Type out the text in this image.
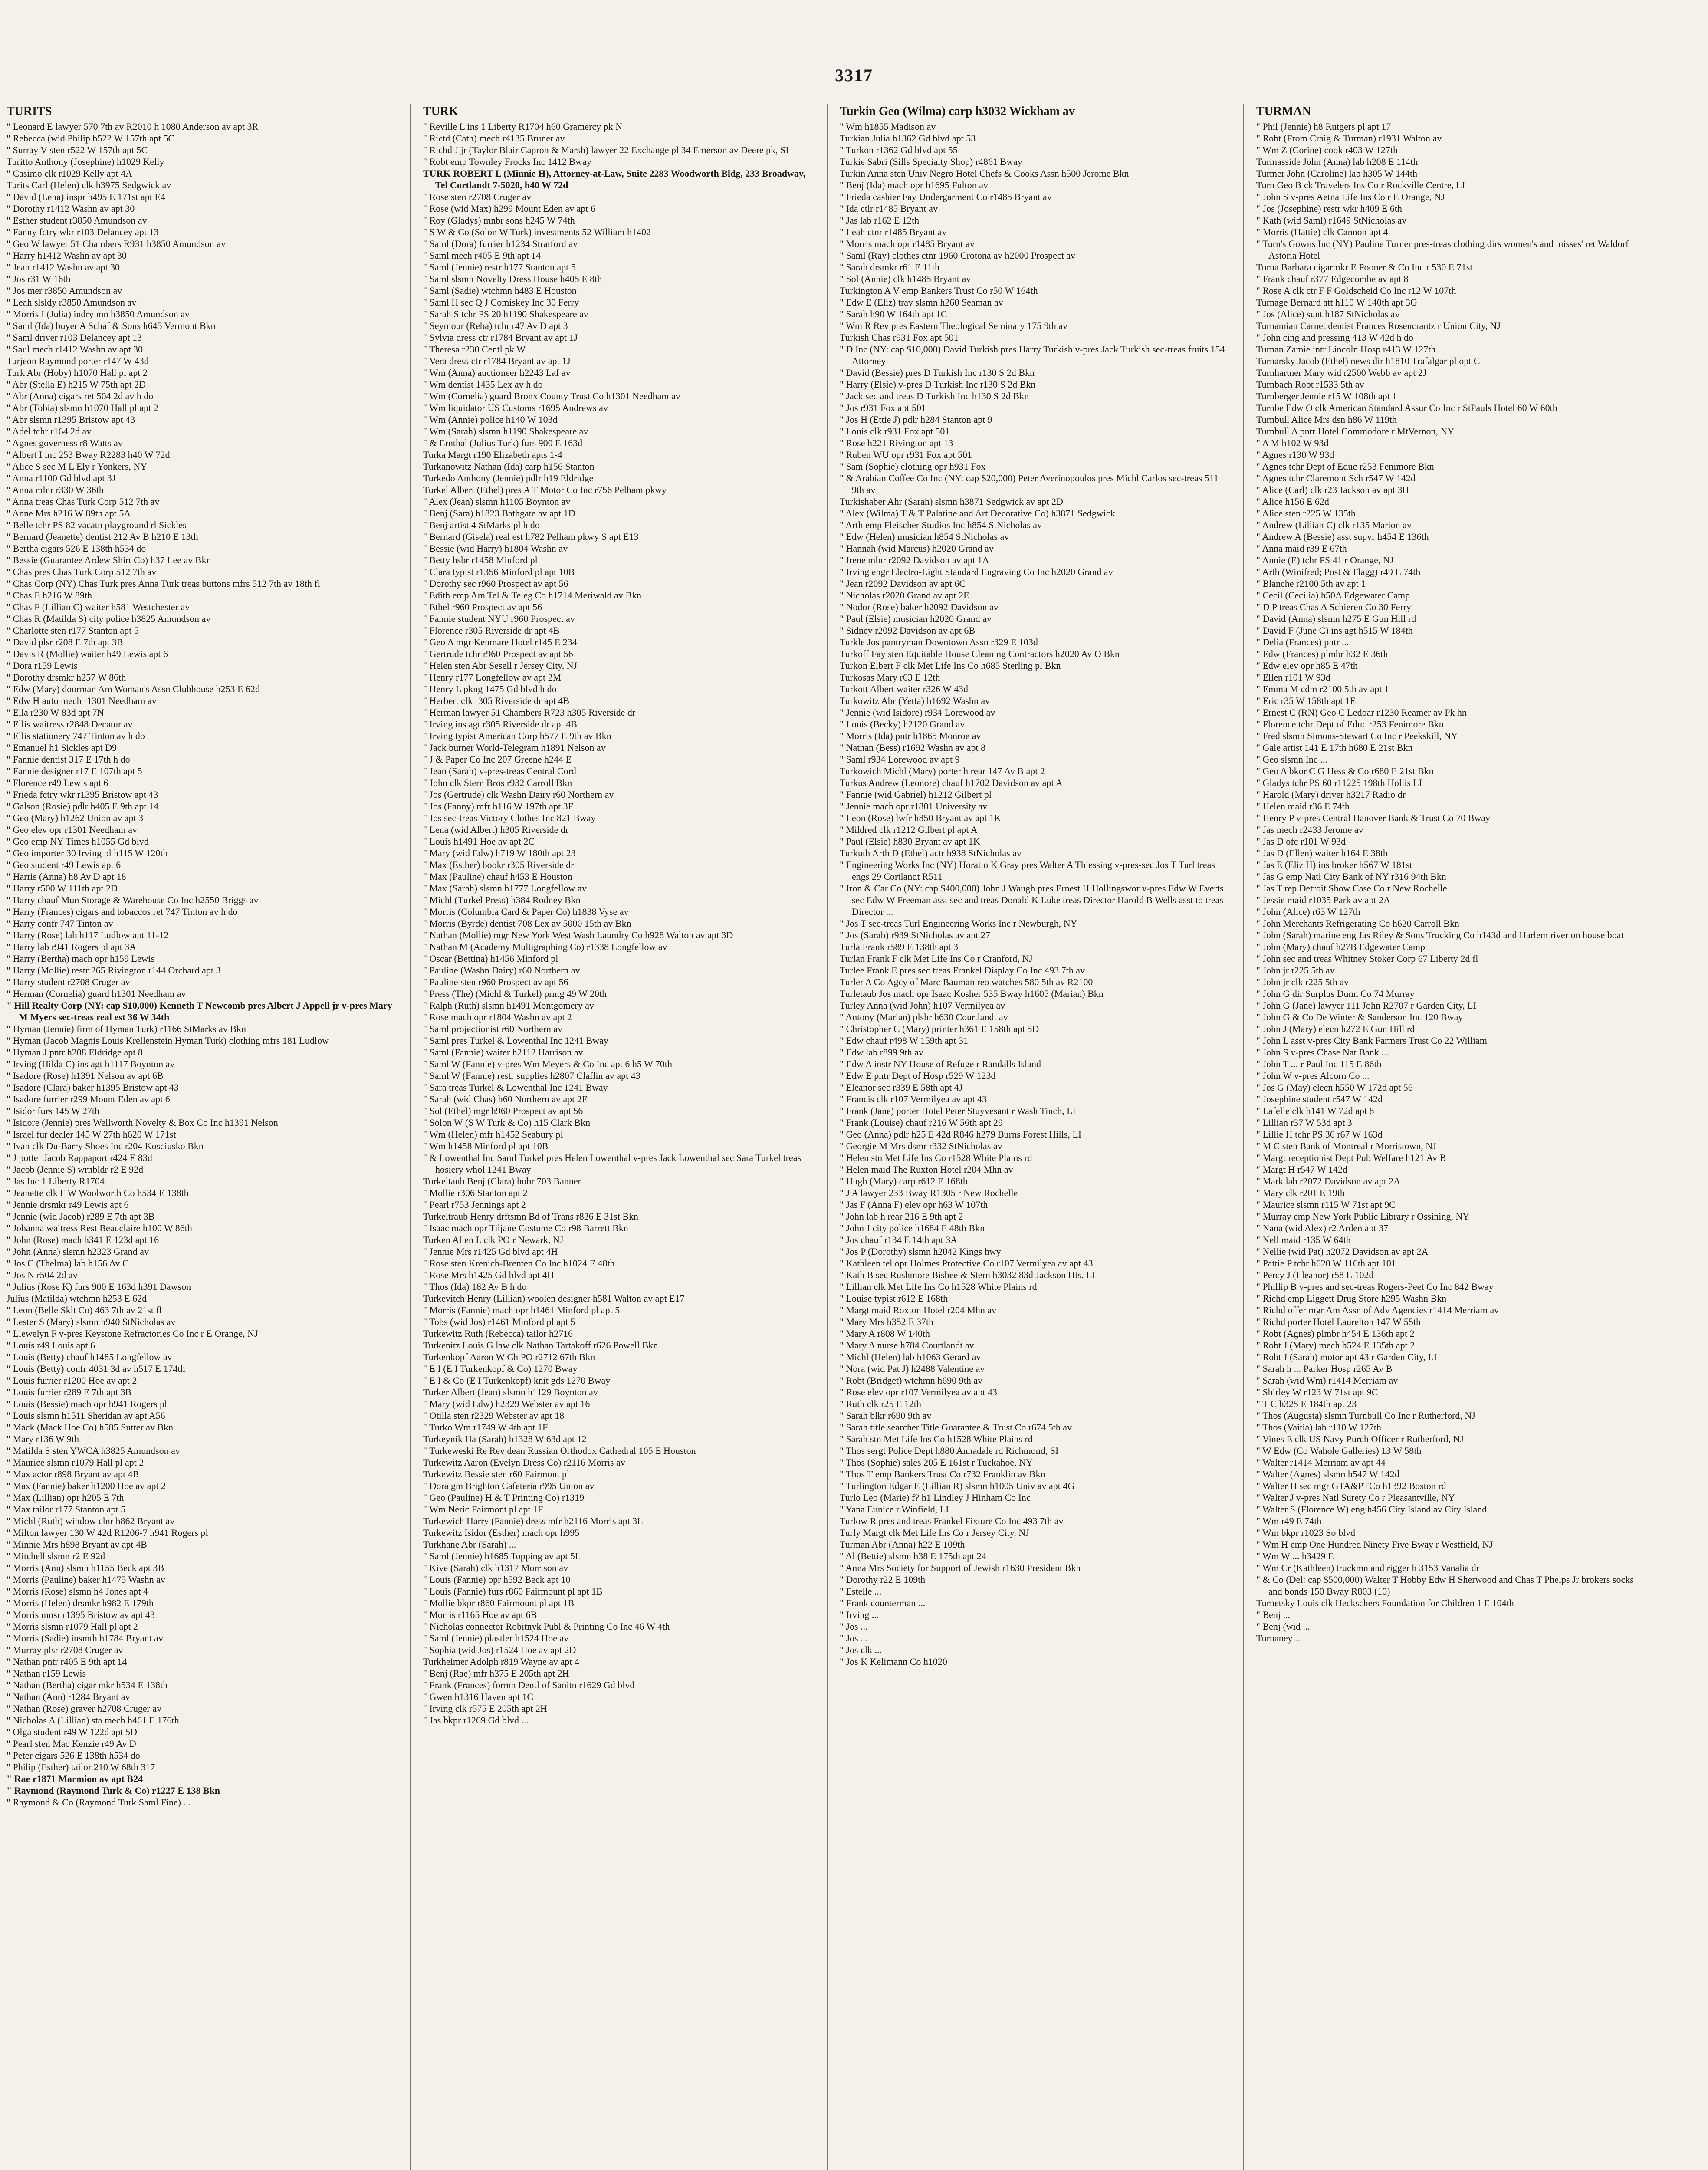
3317
TURITS
" Leonard E lawyer 570 7th av R2010 h 1080 Anderson av apt 3R
" Rebecca (wid Philip b522 W 157th apt 5C
" Surray V sten r522 W 157th apt 5C
Turitto Anthony (Josephine) h1029 Kelly
" Casimo clk r1029 Kelly apt 4A
Turits Carl (Helen) clk h3975 Sedgwick av
" David (Lena) inspr h495 E 171st apt E4
" Dorothy r1412 Washn av apt 30
" Esther student r3850 Amundson av
" Fanny fctry wkr r103 Delancey apt 13
" Geo W lawyer 51 Chambers R931 h3850 Amundson av
" Harry h1412 Washn av apt 30
" Jean r1412 Washn av apt 30
" Jos r31 W 16th
" Jos mer r3850 Amundson av
" Leah slsldy r3850 Amundson av
" Morris I (Julia) indry mn h3850 Amundson av
" Saml (Ida) buyer A Schaf & Sons h645 Vermont Bkn
" Saml driver r103 Delancey apt 13
" Saul mech r1412 Washn av apt 30
Turjeon Raymond porter r147 W 43d
Turk Abr (Hoby) h1070 Hall pl apt 2
" Abr (Stella E) h215 W 75th apt 2D
" Abr (Anna) cigars ret 504 2d av h do
" Abr (Tobia) slsmn h1070 Hall pl apt 2
" Abr slsmn r1395 Bristow apt 43
" Adel tchr r164 2d av
" Agnes governess r8 Watts av
" Albert I inc 253 Bway R2283 h40 W 72d
" Alice S sec M L Ely r Yonkers, NY
" Anna r1100 Gd blvd apt 3J
" Anna mlnr r330 W 36th
" Anna treas Chas Turk Corp 512 7th av
" Anne Mrs h216 W 89th apt 5A
" Belle tchr PS 82 vacatn playground rl Sickles
" Bernard (Jeanette) dentist 212 Av B h210 E 13th
" Bertha cigars 526 E 138th h534 do
" Bessie (Guarantee Ardew Shirt Co) h37 Lee av Bkn
" Chas pres Chas Turk Corp 512 7th av
" Chas Corp (NY) Chas Turk pres Anna Turk treas buttons mfrs 512 7th av 18th fl
" Chas E h216 W 89th
" Chas F (Lillian C) waiter h581 Westchester av
" Chas R (Matilda S) city police h3825 Amundson av
" Charlotte sten r177 Stanton apt 5
" David plsr r208 E 7th apt 3B
" Davis R (Mollie) waiter h49 Lewis apt 6
" Dora r159 Lewis
" Dorothy drsmkr h257 W 86th
" Edw (Mary) doorman Am Woman's Assn Clubhouse h253 E 62d
" Edw H auto mech r1301 Needham av
" Ella r230 W 83d apt 7N
" Ellis waitress r2848 Decatur av
" Ellis stationery 747 Tinton av h do
" Emanuel h1 Sickles apt D9
" Fannie dentist 317 E 17th h do
" Fannie designer r17 E 107th apt 5
" Florence r49 Lewis apt 6
" Frieda fctry wkr r1395 Bristow apt 43
" Galson (Rosie) pdlr h405 E 9th apt 14
" Geo (Mary) h1262 Union av apt 3
" Geo elev opr r1301 Needham av
" Geo emp NY Times h1055 Gd blvd
" Geo importer 30 Irving pl h115 W 120th
" Geo student r49 Lewis apt 6
" Harris (Anna) h8 Av D apt 18
" Harry r500 W 111th apt 2D
" Harry chauf Mun Storage & Warehouse Co Inc h2550 Briggs av
" Harry (Frances) cigars and tobaccos ret 747 Tinton av h do
" Harry confr 747 Tinton av
" Harry (Rose) lab h117 Ludlow apt 11-12
" Harry lab r941 Rogers pl apt 3A
" Harry (Bertha) mach opr h159 Lewis
" Harry (Mollie) restr 265 Rivington r144 Orchard apt 3
" Harry student r2708 Cruger av
" Herman (Cornelia) guard h1301 Needham av
" Hill Realty Corp (NY: cap $10,000) Kenneth T Newcomb pres Albert J Appell jr v-pres Mary M Myers sec-treas real est 36 W 34th
" Hyman (Jennie) firm of Hyman Turk) r1166 StMarks av Bkn
" Hyman (Jacob Magnis Louis Krellenstein Hyman Turk) clothing mfrs 181 Ludlow
" Hyman J pntr h208 Eldridge apt 8
" Irving (Hilda C) ins agt h1117 Boynton av
" Isadore (Rose) h1391 Nelson av apt 6B
" Isadore (Clara) baker h1395 Bristow apt 43
" Isadore furrier r299 Mount Eden av apt 6
" Isidor furs 145 W 27th
" Isidore (Jennie) pres Wellworth Novelty & Box Co Inc h1391 Nelson
" Israel fur dealer 145 W 27th h620 W 171st
" Ivan clk Du-Barry Shoes Inc r204 Kosciusko Bkn
" J potter Jacob Rappaport r424 E 83d
" Jacob (Jennie S) wrnbldr r2 E 92d
" Jas Inc 1 Liberty R1704
" Jeanette clk F W Woolworth Co h534 E 138th
" Jennie drsmkr r49 Lewis apt 6
" Jennie (wid Jacob) r289 E 7th apt 3B
" Johanna waitress Rest Beauclaire h100 W 86th
" John (Rose) mach h341 E 123d apt 16
" John (Anna) slsmn h2323 Grand av
" Jos C (Thelma) lab h156 Av C
" Jos N r504 2d av
" Julius (Rose K) furs 900 E 163d h391 Dawson
Julius (Matilda) wtchmn h253 E 62d
" Leon (Belle Sklt Co) 463 7th av 21st fl
" Lester S (Mary) slsmn h940 StNicholas av
" Llewelyn F v-pres Keystone Refractories Co Inc r E Orange, NJ
" Louis r49 Louis apt 6
" Louis (Betty) chauf h1485 Longfellow av
" Louis (Betty) confr 4031 3d av h517 E 174th
" Louis furrier r1200 Hoe av apt 2
" Louis furrier r289 E 7th apt 3B
" Louis (Bessie) mach opr h941 Rogers pl
" Louis slsmn h1511 Sheridan av apt A56
" Mack (Mack Hoe Co) h585 Sutter av Bkn
" Mary r136 W 9th
" Matilda S sten YWCA h3825 Amundson av
" Maurice slsmn r1079 Hall pl apt 2
" Max actor r898 Bryant av apt 4B
" Max (Fannie) baker h1200 Hoe av apt 2
" Max (Lillian) opr h205 E 7th
" Max tailor r177 Stanton apt 5
" Michl (Ruth) window clnr h862 Bryant av
" Milton lawyer 130 W 42d R1206-7 h941 Rogers pl
" Minnie Mrs h898 Bryant av apt 4B
" Mitchell slsmn r2 E 92d
" Morris (Ann) slsmn h1155 Beck apt 3B
" Morris (Pauline) baker h1475 Washn av
" Morris (Rose) slsmn h4 Jones apt 4
" Morris (Helen) drsmkr h982 E 179th
" Morris mnsr r1395 Bristow av apt 43
" Morris slsmn r1079 Hall pl apt 2
" Morris (Sadie) insmth h1784 Bryant av
" Murray plsr r2708 Cruger av
" Nathan pntr r405 E 9th apt 14
" Nathan r159 Lewis
" Nathan (Bertha) cigar mkr h534 E 138th
" Nathan (Ann) r1284 Bryant av
" Nathan (Rose) graver h2708 Cruger av
" Nicholas A (Lillian) sta mech h461 E 176th
" Olga student r49 W 122d apt 5D
" Pearl sten Mac Kenzie r49 Av D
" Peter cigars 526 E 138th h534 do
" Philip (Esther) tailor 210 W 68th 317
" Rae r1871 Marmion av apt B24
" Raymond (Raymond Turk & Co) r1227 E 138 Bkn
" Raymond & Co (Raymond Turk Saml Fine) ...
TURK
" Reville L ins 1 Liberty R1704 h60 Gramercy pk N
" Rictd (Cath) mech r4135 Bruner av
" Richd J jr (Taylor Blair Capron & Marsh) lawyer 22 Exchange pl 34 Emerson av Deere pk, SI
" Robt emp Townley Frocks Inc 1412 Bway
TURK ROBERT L (Minnie H), Attorney-at-Law, Suite 2283 Woodworth Bldg, 233 Broadway, Tel Cortlandt 7-5020, h40 W 72d
" Rose sten r2708 Cruger av
" Rose (wid Max) h299 Mount Eden av apt 6
" Roy (Gladys) mnbr sons h245 W 74th
" S W & Co (Solon W Turk) investments 52 William h1402
" Saml (Dora) furrier h1234 Stratford av
" Saml mech r405 E 9th apt 14
" Saml (Jennie) restr h177 Stanton apt 5
" Saml slsmn Novelty Dress House h405 E 8th
" Saml (Sadie) wtchmn h483 E Houston
" Saml H sec Q J Comiskey Inc 30 Ferry
" Sarah S tchr PS 20 h1190 Shakespeare av
" Seymour (Reba) tchr r47 Av D apt 3
" Sylvia dress ctr r1784 Bryant av apt 1J
" Theresa r230 Centl pk W
" Vera dress ctr r1784 Bryant av apt 1J
" Wm (Anna) auctioneer h2243 Laf av
" Wm dentist 1435 Lex av h do
" Wm (Cornelia) guard Bronx County Trust Co h1301 Needham av
" Wm liquidator US Customs r1695 Andrews av
" Wm (Annie) police h140 W 103d
" Wm (Sarah) slsmn h1190 Shakespeare av
" & Ernthal (Julius Turk) furs 900 E 163d
Turka Margt r190 Elizabeth apts 1-4
Turkanowitz Nathan (Ida) carp h156 Stanton
Turkedo Anthony (Jennie) pdlr h19 Eldridge
Turkel Albert (Ethel) pres A T Motor Co Inc r756 Pelham pkwy
" Alex (Jean) slsmn h1105 Boynton av
" Benj (Sara) h1823 Bathgate av apt 1D
" Benj artist 4 StMarks pl h do
" Bernard (Gisela) real est h782 Pelham pkwy S apt E13
" Bessie (wid Harry) h1804 Washn av
" Betty hsbr r1458 Minford pl
" Clara typist r1356 Minford pl apt 10B
" Dorothy sec r960 Prospect av apt 56
" Edith emp Am Tel & Teleg Co h1714 Meriwald av Bkn
" Ethel r960 Prospect av apt 56
" Fannie student NYU r960 Prospect av
" Florence r305 Riverside dr apt 4B
" Geo A mgr Kenmare Hotel r145 E 234
" Gertrude tchr r960 Prospect av apt 56
" Helen sten Abr Sesell r Jersey City, NJ
" Henry r177 Longfellow av apt 2M
" Henry L pkng 1475 Gd blvd h do
" Herbert clk r305 Riverside dr apt 4B
" Herman lawyer 51 Chambers R723 h305 Riverside dr
" Irving ins agt r305 Riverside dr apt 4B
" Irving typist American Corp h577 E 9th av Bkn
" Jack burner World-Telegram h1891 Nelson av
" J & Paper Co Inc 207 Greene h244 E
" Jean (Sarah) v-pres-treas Central Cord
" John clk Stern Bros r932 Carroll Bkn
" Jos (Gertrude) clk Washn Dairy r60 Northern av
" Jos (Fanny) mfr h116 W 197th apt 3F
" Jos sec-treas Victory Clothes Inc 821 Bway
" Lena (wid Albert) h305 Riverside dr
" Louis h1491 Hoe av apt 2C
" Mary (wid Edw) h719 W 180th apt 23
" Max (Esther) bookr r305 Riverside dr
" Max (Pauline) chauf h453 E Houston
" Max (Sarah) slsmn h1777 Longfellow av
" Michl (Turkel Press) h384 Rodney Bkn
" Morris (Columbia Card & Paper Co) h1838 Vyse av
" Morris (Byrde) dentist 708 Lex av 5000 15th av Bkn
" Nathan (Mollie) mgr New York West Wash Laundry Co h928 Walton av apt 3D
" Nathan M (Academy Multigraphing Co) r1338 Longfellow av
" Oscar (Bettina) h1456 Minford pl
" Pauline (Washn Dairy) r60 Northern av
" Pauline sten r960 Prospect av apt 56
" Press (The) (Michl & Turkel) prntg 49 W 20th
" Ralph (Ruth) slsmn h1491 Montgomery av
" Rose mach opr r1804 Washn av apt 2
" Saml projectionist r60 Northern av
" Saml pres Turkel & Lowenthal Inc 1241 Bway
" Saml (Fannie) waiter h2112 Harrison av
" Saml W (Fannie) v-pres Wm Meyers & Co Inc apt 6 h5 W 70th
" Saml W (Fannie) restr supplies h2807 Claflin av apt 43
" Sara treas Turkel & Lowenthal Inc 1241 Bway
" Sarah (wid Chas) h60 Northern av apt 2E
" Sol (Ethel) mgr h960 Prospect av apt 56
" Solon W (S W Turk & Co) h15 Clark Bkn
" Wm (Helen) mfr h1452 Seabury pl
" Wm h1458 Minford pl apt 10B
" & Lowenthal Inc Saml Turkel pres Helen Lowenthal v-pres Jack Lowenthal sec Sara Turkel treas hosiery whol 1241 Bway
Turkeltaub Benj (Clara) hobr 703 Banner
" Mollie r306 Stanton apt 2
" Pearl r753 Jennings apt 2
Turkeltraub Henry drftsmn Bd of Trans r826 E 31st Bkn
" Isaac mach opr Tiljane Costume Co r98 Barrett Bkn
Turken Allen L clk PO r Newark, NJ
" Jennie Mrs r1425 Gd blvd apt 4H
" Rose sten Krenich-Brenten Co Inc h1024 E 48th
" Rose Mrs h1425 Gd blvd apt 4H
" Thos (Ida) 182 Av B h do
Turkevitch Henry (Lillian) woolen designer h581 Walton av apt E17
" Morris (Fannie) mach opr h1461 Minford pl apt 5
" Tobs (wid Jos) r1461 Minford pl apt 5
Turkewitz Ruth (Rebecca) tailor h2716
Turkenitz Louis G law clk Nathan Tartakoff r626 Powell Bkn
Turkenkopf Aaron W Ch PO r2712 67th Bkn
" E I (E I Turkenkopf & Co) 1270 Bway
" E I & Co (E I Turkenkopf) knit gds 1270 Bway
Turker Albert (Jean) slsmn h1129 Boynton av
" Mary (wid Edw) h2329 Webster av apt 16
" Otilla sten r2329 Webster av apt 18
" Turko Wm r1749 W 4th apt 1F
Turkeynik Ha (Sarah) h1328 W 63d apt 12
" Turkeweski Re Rev dean Russian Orthodox Cathedral 105 E Houston
Turkewitz Aaron (Evelyn Dress Co) r2116 Morris av
Turkewitz Bessie sten r60 Fairmont pl
" Dora gm Brighton Cafeteria r995 Union av
" Geo (Pauline) H & T Printing Co) r1319
" Wm Neric Fairmont pl apt 1F
Turkewich Harry (Fannie) dress mfr h2116 Morris apt 3L
Turkewitz Isidor (Esther) mach opr h995
Turkhane Abr (Sarah) ...
" Saml (Jennie) h1685 Topping av apt 5L
" Kive (Sarah) clk h1317 Morrison av
" Louis (Fannie) opr h592 Beck apt 10
" Louis (Fannie) furs r860 Fairmount pl apt 1B
" Mollie bkpr r860 Fairmount pl apt 1B
" Morris r1165 Hoe av apt 6B
" Nicholas connector Robitnyk Publ & Printing Co Inc 46 W 4th
" Saml (Jennie) plastler h1524 Hoe av
" Sophia (wid Jos) r1524 Hoe av apt 2D
Turkheimer Adolph r819 Wayne av apt 4
" Benj (Rae) mfr h375 E 205th apt 2H
" Frank (Frances) formn Dentl of Sanitn r1629 Gd blvd
" Gwen h1316 Haven apt 1C
" Irving clk r575 E 205th apt 2H
" Jas bkpr r1269 Gd blvd ...
Turkin Geo (Wilma) carp h3032 Wickham av
" Wm h1855 Madison av
Turkian Julia h1362 Gd blvd apt 53
" Turkon r1362 Gd blvd apt 55
Turkie Sabri (Sills Specialty Shop) r4861 Bway
Turkin Anna sten Univ Negro Hotel Chefs & Cooks Assn h500 Jerome Bkn
" Benj (Ida) mach opr h1695 Fulton av
" Frieda cashier Fay Undergarment Co r1485 Bryant av
" Ida ctlr r1485 Bryant av
" Jas lab r162 E 12th
" Leah ctnr r1485 Bryant av
" Morris mach opr r1485 Bryant av
" Saml (Ray) clothes ctnr 1960 Crotona av h2000 Prospect av
" Sarah drsmkr r61 E 11th
" Sol (Annie) clk h1485 Bryant av
Turkington A V emp Bankers Trust Co r50 W 164th
" Edw E (Eliz) trav slsmn h260 Seaman av
" Sarah h90 W 164th apt 1C
" Wm R Rev pres Eastern Theological Seminary 175 9th av
Turkish Chas r931 Fox apt 501
" D Inc (NY: cap $10,000) David Turkish pres Harry Turkish v-pres Jack Turkish sec-treas fruits 154 Attorney
" David (Bessie) pres D Turkish Inc r130 S 2d Bkn
" Harry (Elsie) v-pres D Turkish Inc r130 S 2d Bkn
" Jack sec and treas D Turkish Inc h130 S 2d Bkn
" Jos r931 Fox apt 501
" Jos H (Ettie J) pdlr h284 Stanton apt 9
" Louis clk r931 Fox apt 501
" Rose h221 Rivington apt 13
" Ruben WU opr r931 Fox apt 501
" Sam (Sophie) clothing opr h931 Fox
" & Arabian Coffee Co Inc (NY: cap $20,000) Peter Averinopoulos pres Michl Carlos sec-treas 511 9th av
Turkishaber Ahr (Sarah) slsmn h3871 Sedgwick av apt 2D
" Alex (Wilma) T & T Palatine and Art Decorative Co) h3871 Sedgwick
" Arth emp Fleischer Studios Inc h854 StNicholas av
" Edw (Helen) musician h854 StNicholas av
" Hannah (wid Marcus) h2020 Grand av
" Irene mlnr r2092 Davidson av apt 1A
" Irving engr Electro-Light Standard Engraving Co Inc h2020 Grand av
" Jean r2092 Davidson av apt 6C
" Nicholas r2020 Grand av apt 2E
" Nodor (Rose) baker h2092 Davidson av
" Paul (Elsie) musician h2020 Grand av
" Sidney r2092 Davidson av apt 6B
Turkle Jos pantryman Downtown Assn r329 E 103d
Turkoff Fay sten Equitable House Cleaning Contractors h2020 Av O Bkn
Turkon Elbert F clk Met Life Ins Co h685 Sterling pl Bkn
Turkosas Mary r63 E 12th
Turkott Albert waiter r326 W 43d
Turkowitz Abr (Yetta) h1692 Washn av
" Jennie (wid Isidore) r934 Lorewood av
" Louis (Becky) h2120 Grand av
" Morris (Ida) pntr h1865 Monroe av
" Nathan (Bess) r1692 Washn av apt 8
" Saml r934 Lorewood av apt 9
Turkowich Michl (Mary) porter h rear 147 Av B apt 2
Turkus Andrew (Leonore) chauf h1702 Davidson av apt A
" Fannie (wid Gabriel) h1212 Gilbert pl
" Jennie mach opr r1801 University av
" Leon (Rose) lwfr h850 Bryant av apt 1K
" Mildred clk r1212 Gilbert pl apt A
" Paul (Elsie) h830 Bryant av apt 1K
Turkuth Arth D (Ethel) actr h938 StNicholas av
" Engineering Works Inc (NY) Horatio K Gray pres Walter A Thiessing v-pres-sec Jos T Turl treas engs 29 Cortlandt R511
" Iron & Car Co (NY: cap $400,000) John J Waugh pres Ernest H Hollingswor v-pres Edw W Everts sec Edw W Freeman asst sec and treas Donald K Luke treas Director Harold B Wells asst to treas Director ...
" Jos T sec-treas Turl Engineering Works Inc r Newburgh, NY
" Jos (Sarah) r939 StNicholas av apt 27
Turla Frank r589 E 138th apt 3
Turlan Frank F clk Met Life Ins Co r Cranford, NJ
Turlee Frank E pres sec treas Frankel Display Co Inc 493 7th av
Turler A Co Agcy of Marc Bauman reo watches 580 5th av R2100
Turletaub Jos mach opr Isaac Kosher 535 Bway h1605 (Marian) Bkn
Turley Anna (wid John) h107 Vermilyea av
" Antony (Marian) plshr h630 Courtlandt av
" Christopher C (Mary) printer h361 E 158th apt 5D
" Edw chauf r498 W 159th apt 31
" Edw lab r899 9th av
" Edw A instr NY House of Refuge r Randalls Island
" Edw E pntr Dept of Hosp r529 W 123d
" Eleanor sec r339 E 58th apt 4J
" Francis clk r107 Vermilyea av apt 43
" Frank (Jane) porter Hotel Peter Stuyvesant r Wash Tinch, LI
" Frank (Louise) chauf r216 W 56th apt 29
" Geo (Anna) pdlr h25 E 42d R846 h279 Burns Forest Hills, LI
" Georgie M Mrs dsmr r332 StNicholas av
" Helen stn Met Life Ins Co r1528 White Plains rd
" Helen maid The Ruxton Hotel r204 Mhn av
" Hugh (Mary) carp r612 E 168th
" J A lawyer 233 Bway R1305 r New Rochelle
" Jas F (Anna F) elev opr h63 W 107th
" John lab h rear 216 E 9th apt 2
" John J city police h1684 E 48th Bkn
" Jos chauf r134 E 14th apt 3A
" Jos P (Dorothy) slsmn h2042 Kings hwy
" Kathleen tel opr Holmes Protective Co r107 Vermilyea av apt 43
" Kath B sec Rushmore Bisbee & Stern h3032 83d Jackson Hts, LI
" Lillian clk Met Life Ins Co h1528 White Plains rd
" Louise typist r612 E 168th
" Margt maid Roxton Hotel r204 Mhn av
" Mary Mrs h352 E 37th
" Mary A r808 W 140th
" Mary A nurse h784 Courtlandt av
" Michl (Helen) lab h1063 Gerard av
" Nora (wid Pat J) h2488 Valentine av
" Robt (Bridget) wtchmn h690 9th av
" Rose elev opr r107 Vermilyea av apt 43
" Ruth clk r25 E 12th
" Sarah blkr r690 9th av
" Sarah title searcher Title Guarantee & Trust Co r674 5th av
" Sarah stn Met Life Ins Co h1528 White Plains rd
" Thos sergt Police Dept h880 Annadale rd Richmond, SI
" Thos (Sophie) sales 205 E 161st r Tuckahoe, NY
" Thos T emp Bankers Trust Co r732 Franklin av Bkn
" Turlington Edgar E (Lillian R) slsmn h1005 Univ av apt 4G
Turlo Leo (Marie) f? h1 Lindley J Hinham Co Inc
" Yana Eunice r Winfield, LI
Turlow R pres and treas Frankel Fixture Co Inc 493 7th av
Turly Margt clk Met Life Ins Co r Jersey City, NJ
Turman Abr (Anna) h22 E 109th
" Al (Bettie) slsmn h38 E 175th apt 24
" Anna Mrs Society for Support of Jewish r1630 President Bkn
" Dorothy r22 E 109th
" Estelle ...
" Frank counterman ...
" Irving ...
" Jos ...
" Jos ...
" Jos clk ...
" Jos K Kelimann Co h1020
TURMAN
" Phil (Jennie) h8 Rutgers pl apt 17
" Robt (From Craig & Turman) r1931 Walton av
" Wm Z (Corine) cook r403 W 127th
Turmasside John (Anna) lab h208 E 114th
Turmer John (Caroline) lab h305 W 144th
Turn Geo B ck Travelers Ins Co r Rockville Centre, LI
" John S v-pres Aetna Life Ins Co r E Orange, NJ
" Jos (Josephine) restr wkr h409 E 6th
" Kath (wid Saml) r1649 StNicholas av
" Morris (Hattie) clk Cannon apt 4
" Turn's Gowns Inc (NY) Pauline Turner pres-treas clothing dirs women's and misses' ret Waldorf Astoria Hotel
Turna Barbara cigarmkr E Pooner & Co Inc r 530 E 71st
" Frank chauf r377 Edgecombe av apt 8
" Rose A clk ctr F F Goldscheid Co Inc r12 W 107th
Turnage Bernard att h110 W 140th apt 3G
" Jos (Alice) sunt h187 StNicholas av
Turnamian Carnet dentist Frances Rosencrantz r Union City, NJ
" John cing and pressing 413 W 42d h do
Turnan Zamie intr Lincoln Hosp r413 W 127th
Turnarsky Jacob (Ethel) news dir h1810 Trafalgar pl opt C
Turnhartner Mary wid r2500 Webb av apt 2J
Turnbach Robt r1533 5th av
Turnberger Jennie r15 W 108th apt 1
Turnbe Edw O clk American Standard Assur Co Inc r StPauls Hotel 60 W 60th
Turnbull Alice Mrs dsn h86 W 119th
Turnbull A pntr Hotel Commodore r MtVernon, NY
" A M h102 W 93d
" Agnes r130 W 93d
" Agnes tchr Dept of Educ r253 Fenimore Bkn
" Agnes tchr Claremont Sch r547 W 142d
" Alice (Carl) clk r23 Jackson av apt 3H
" Alice h156 E 62d
" Alice sten r225 W 135th
" Andrew (Lillian C) clk r135 Marion av
" Andrew A (Bessie) asst supvr h454 E 136th
" Anna maid r39 E 67th
" Annie (E) tchr PS 41 r Orange, NJ
" Arth (Winifred; Post & Flagg) r49 E 74th
" Blanche r2100 5th av apt 1
" Cecil (Cecilia) h50A Edgewater Camp
" D P treas Chas A Schieren Co 30 Ferry
" David (Anna) slsmn h275 E Gun Hill rd
" David F (June C) ins agt h515 W 184th
" Delia (Frances) pntr ...
" Edw (Frances) plmbr h32 E 36th
" Edw elev opr h85 E 47th
" Ellen r101 W 93d
" Emma M cdm r2100 5th av apt 1
" Eric r35 W 158th apt 1E
" Ernest C (RN) Geo C Ledoar r1230 Reamer av Pk hn
" Florence tchr Dept of Educ r253 Fenimore Bkn
" Fred slsmn Simons-Stewart Co Inc r Peekskill, NY
" Gale artist 141 E 17th h680 E 21st Bkn
" Geo slsmn Inc ...
" Geo A bkor C G Hess & Co r680 E 21st Bkn
" Gladys tchr PS 60 r11225 198th Hollis LI
" Harold (Mary) driver h3217 Radio dr
" Helen maid r36 E 74th
" Henry P v-pres Central Hanover Bank & Trust Co 70 Bway
" Jas mech r2433 Jerome av
" Jas D ofc r101 W 93d
" Jas D (Ellen) waiter h164 E 38th
" Jas E (Eliz H) ins broker h567 W 181st
" Jas G emp Natl City Bank of NY r316 94th Bkn
" Jas T rep Detroit Show Case Co r New Rochelle
" Jessie maid r1035 Park av apt 2A
" John (Alice) r63 W 127th
" John Merchants Refrigerating Co h620 Carroll Bkn
" John (Sarah) marine eng Jas Riley & Sons Trucking Co h143d and Harlem river on house boat
" John (Mary) chauf h27B Edgewater Camp
" John sec and treas Whitney Stoker Corp 67 Liberty 2d fl
" John jr r225 5th av
" John jr clk r225 5th av
" John G dir Surplus Dunn Co 74 Murray
" John G (Jane) lawyer 111 John R2707 r Garden City, LI
" John G & Co De Winter & Sanderson Inc 120 Bway
" John J (Mary) elecn h272 E Gun Hill rd
" John L asst v-pres City Bank Farmers Trust Co 22 William
" John S v-pres Chase Nat Bank ...
" John T ... r Paul Inc 115 E 86th
" John W v-pres Alcorn Co ...
" Jos G (May) elecn h550 W 172d apt 56
" Josephine student r547 W 142d
" Lafelle clk h141 W 72d apt 8
" Lillian r37 W 53d apt 3
" Lillie H tchr PS 36 r67 W 163d
" M C sten Bank of Montreal r Morristown, NJ
" Margt receptionist Dept Pub Welfare h121 Av B
" Margt H r547 W 142d
" Mark lab r2072 Davidson av apt 2A
" Mary clk r201 E 19th
" Maurice slsmn r115 W 71st apt 9C
" Murray emp New York Public Library r Ossining, NY
" Nana (wid Alex) r2 Arden apt 37
" Nell maid r135 W 64th
" Nellie (wid Pat) h2072 Davidson av apt 2A
" Pattie P tchr h620 W 116th apt 101
" Percy J (Eleanor) r58 E 102d
" Phillip B v-pres and sec-treas Rogers-Peet Co Inc 842 Bway
" Richd emp Liggett Drug Store h295 Washn Bkn
" Richd offer mgr Am Assn of Adv Agencies r1414 Merriam av
" Richd porter Hotel Laurelton 147 W 55th
" Robt (Agnes) plmbr h454 E 136th apt 2
" Robt J (Mary) mech h524 E 135th apt 2
" Robt J (Sarah) motor apt 43 r Garden City, LI
" Sarah h ... Parker Hosp r265 Av B
" Sarah (wid Wm) r1414 Merriam av
" Shirley W r123 W 71st apt 9C
" T C h325 E 184th apt 23
" Thos (Augusta) slsmn Turnbull Co Inc r Rutherford, NJ
" Thos (Vaitia) lab r110 W 127th
" Vines E clk US Navy Purch Officer r Rutherford, NJ
" W Edw (Co Wahole Galleries) 13 W 58th
" Walter r1414 Merriam av apt 44
" Walter (Agnes) slsmn h547 W 142d
" Walter H sec mgr GTA&PTCo h1392 Boston rd
" Walter J v-pres Natl Surety Co r Pleasantville, NY
" Walter S (Florence W) eng h456 City Island av City Island
" Wm r49 E 74th
" Wm bkpr r1023 So blvd
" Wm H emp One Hundred Ninety Five Bway r Westfield, NJ
" Wm W ... h3429 E
" Wm Cr (Kathleen) truckmn and rigger h 3153 Vanalia dr
" & Co (Del: cap $500,000) Walter T Hobby Edw H Sherwood and Chas T Phelps Jr brokers socks and bonds 150 Bway R803 (10)
Turnetsky Louis clk Heckschers Foundation for Children 1 E 104th
" Benj ...
" Benj (wid ...
Turnaney ...
